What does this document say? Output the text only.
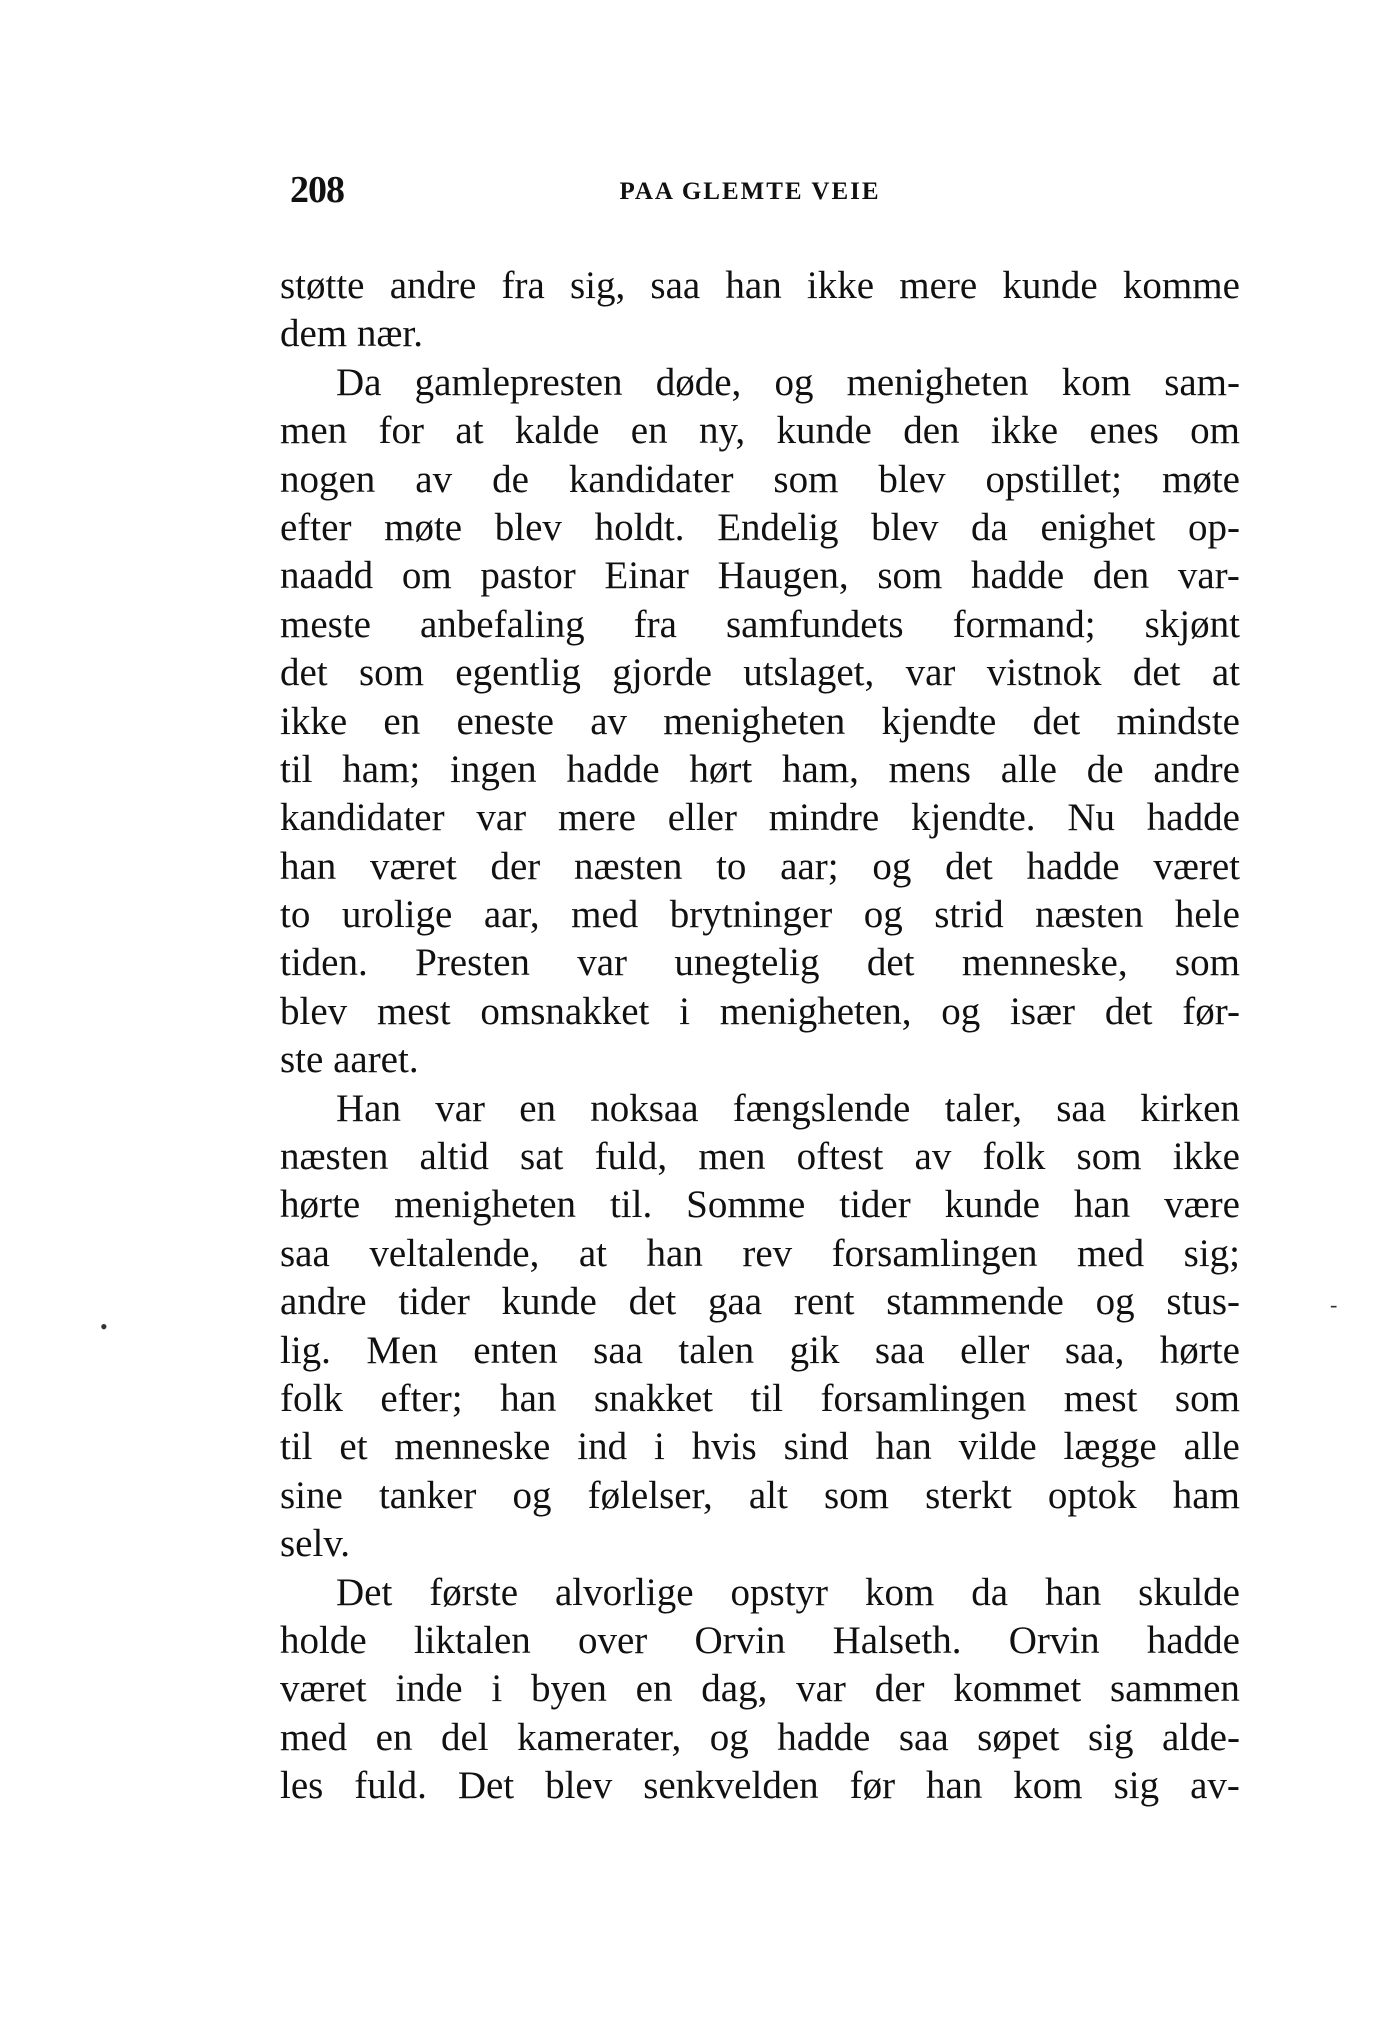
208	PAA GLEMTE VEIE
støtte andre fra sig, saa han ikke mere kunde komme
dem nær.
Da gamlepresten døde, og menigheten kom sam-
men for at kalde en ny, kunde den ikke enes om
nogen av de kandidater som blev opstillet; møte
efter møte blev holdt. Endelig blev da enighet op-
naadd om pastor Einar Haugen, som hadde den var-
meste anbefaling fra samfundets formand; skjønt
det som egentlig gjorde utslaget, var vistnok det at
ikke en eneste av menigheten kjendte det mindste
til ham; ingen hadde hørt ham, mens alle de andre
kandidater var mere eller mindre kjendte. Nu hadde
han været der næsten to aar; og det hadde været
to urolige aar, med brytninger og strid næsten hele
tiden. Presten var unegtelig det menneske, som
blev mest omsnakket i menigheten, og især det før-
ste aaret.
Han var en noksaa fængslende taler, saa kirken
næsten altid sat fuld, men oftest av folk som ikke
hørte menigheten til. Somme tider kunde han være
saa veltalende, at han rev forsamlingen med sig;
andre tider kunde det gaa rent stammende og stus-
lig. Men enten saa talen gik saa eller saa, hørte
folk efter; han snakket til forsamlingen mest som
til et menneske ind i hvis sind han vilde lægge alle
sine tanker og følelser, alt som sterkt optok ham
selv.
Det første alvorlige opstyr kom da han skulde
holde liktalen over Orvin Halseth. Orvin hadde
været inde i byen en dag, var der kommet sammen
med en del kamerater, og hadde saa søpet sig alde-
les fuld. Det blev senkvelden før han kom sig av-
•
-
